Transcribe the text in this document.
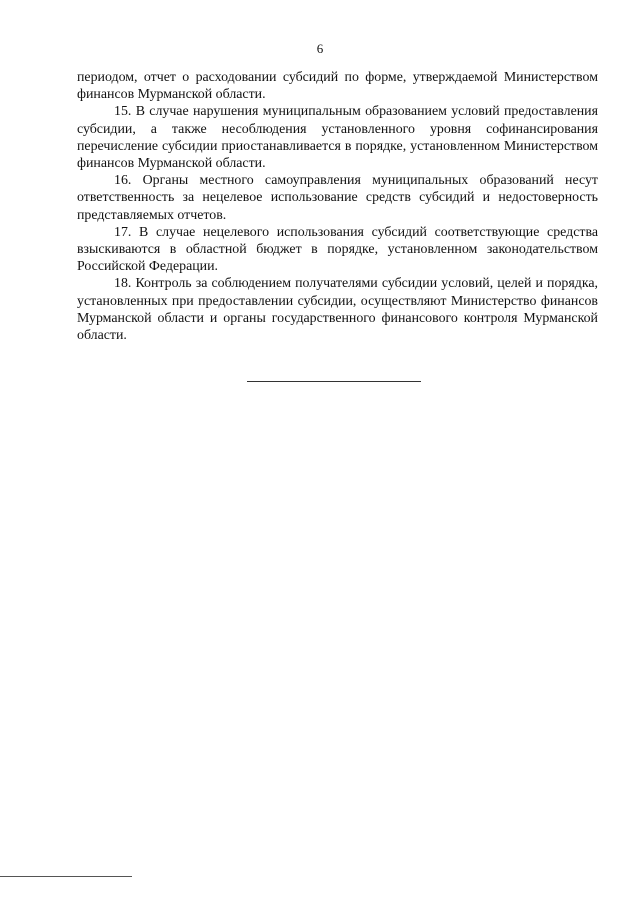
6

периодом, отчет о расходовании субсидий по форме, утверждаемой Министерством финансов Мурманской области.

15. В случае нарушения муниципальным образованием условий предоставления субсидии, а также несоблюдения установленного уровня софинансирования перечисление субсидии приостанавливается в порядке, установленном Министерством финансов Мурманской области.

16. Органы местного самоуправления муниципальных образований несут ответственность за нецелевое использование средств субсидий и недостоверность представляемых отчетов.

17. В случае нецелевого использования субсидий соответствующие средства взыскиваются в областной бюджет в порядке, установленном законодательством Российской Федерации.

18. Контроль за соблюдением получателями субсидии условий, целей и порядка, установленных при предоставлении субсидии, осуществляют Министерство финансов Мурманской области и органы государственного финансового контроля Мурманской области.
